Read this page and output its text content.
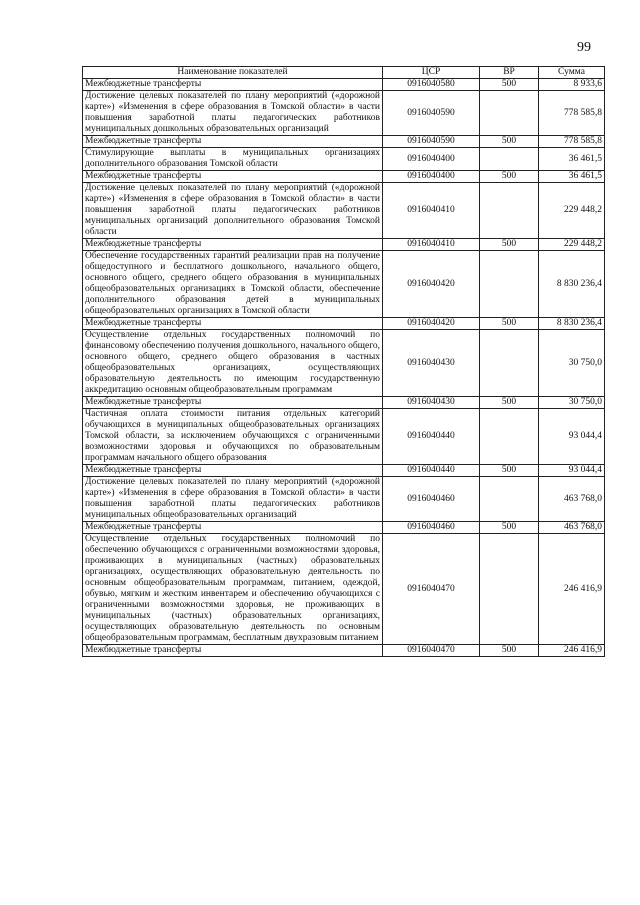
99
Наименование показателей	ЦСР	ВР	Сумма
Межбюджетные трансферты	0916040580	500	8 933,6
Достижение целевых показателей по плану мероприятий («дорожной карте») «Изменения в сфере образования в Томской области» в части повышения заработной платы педагогических работников муниципальных дошкольных образовательных организаций	0916040590		778 585,8
Межбюджетные трансферты	0916040590	500	778 585,8
Стимулирующие выплаты в муниципальных организациях дополнительного образования Томской области	0916040400		36 461,5
Межбюджетные трансферты	0916040400	500	36 461,5
Достижение целевых показателей по плану мероприятий («дорожной карте») «Изменения в сфере образования в Томской области» в части повышения заработной платы педагогических работников муниципальных организаций дополнительного образования Томской области	0916040410		229 448,2
Межбюджетные трансферты	0916040410	500	229 448,2
Обеспечение государственных гарантий реализации прав на получение общедоступного и бесплатного дошкольного, начального общего, основного общего, среднего общего образования в муниципальных общеобразовательных организациях в Томской области, обеспечение дополнительного образования детей в муниципальных общеобразовательных организациях в Томской области	0916040420		8 830 236,4
Межбюджетные трансферты	0916040420	500	8 830 236,4
Осуществление отдельных государственных полномочий по финансовому обеспечению получения дошкольного, начального общего, основного общего, среднего общего образования в частных общеобразовательных организациях, осуществляющих образовательную деятельность по имеющим государственную аккредитацию основным общеобразовательным программам	0916040430		30 750,0
Межбюджетные трансферты	0916040430	500	30 750,0
Частичная оплата стоимости питания отдельных категорий обучающихся в муниципальных общеобразовательных организациях Томской области, за исключением обучающихся с ограниченными возможностями здоровья и обучающихся по образовательным программам начального общего образования	0916040440		93 044,4
Межбюджетные трансферты	0916040440	500	93 044,4
Достижение целевых показателей по плану мероприятий («дорожной карте») «Изменения в сфере образования в Томской области» в части повышения заработной платы педагогических работников муниципальных общеобразовательных организаций	0916040460		463 768,0
Межбюджетные трансферты	0916040460	500	463 768,0
Осуществление отдельных государственных полномочий по обеспечению обучающихся с ограниченными возможностями здоровья, проживающих в муниципальных (частных) образовательных организациях, осуществляющих образовательную деятельность по основным общеобразовательным программам, питанием, одеждой, обувью, мягким и жестким инвентарем и обеспечению обучающихся с ограниченными возможностями здоровья, не проживающих в муниципальных (частных) образовательных организациях, осуществляющих образовательную деятельность по основным общеобразовательным программам, бесплатным двухразовым питанием	0916040470		246 416,9
Межбюджетные трансферты	0916040470	500	246 416,9
